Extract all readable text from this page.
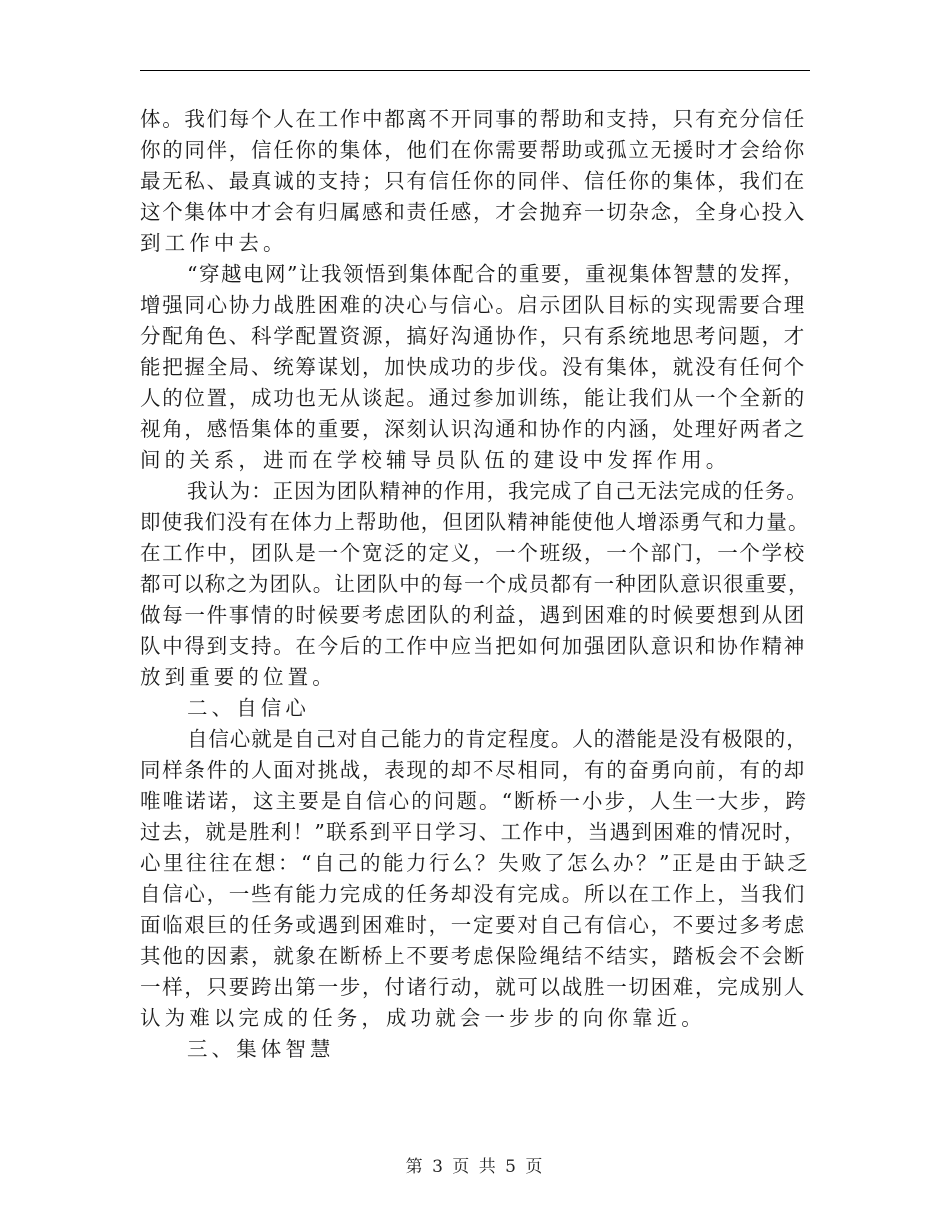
体。我们每个人在工作中都离不开同事的帮助和支持，只有充分信任
你的同伴，信任你的集体，他们在你需要帮助或孤立无援时才会给你
最无私、最真诚的支持；只有信任你的同伴、信任你的集体，我们在
这个集体中才会有归属感和责任感，才会抛弃一切杂念，全身心投入
到工作中去。
“穿越电网”让我领悟到集体配合的重要，重视集体智慧的发挥，
增强同心协力战胜困难的决心与信心。启示团队目标的实现需要合理
分配角色、科学配置资源，搞好沟通协作，只有系统地思考问题，才
能把握全局、统筹谋划，加快成功的步伐。没有集体，就没有任何个
人的位置，成功也无从谈起。通过参加训练，能让我们从一个全新的
视角，感悟集体的重要，深刻认识沟通和协作的内涵，处理好两者之
间的关系，进而在学校辅导员队伍的建设中发挥作用。
我认为：正因为团队精神的作用，我完成了自己无法完成的任务。
即使我们没有在体力上帮助他，但团队精神能使他人增添勇气和力量。
在工作中，团队是一个宽泛的定义，一个班级，一个部门，一个学校
都可以称之为团队。让团队中的每一个成员都有一种团队意识很重要，
做每一件事情的时候要考虑团队的利益，遇到困难的时候要想到从团
队中得到支持。在今后的工作中应当把如何加强团队意识和协作精神
放到重要的位置。
二、自信心
自信心就是自己对自己能力的肯定程度。人的潜能是没有极限的，
同样条件的人面对挑战，表现的却不尽相同，有的奋勇向前，有的却
唯唯诺诺，这主要是自信心的问题。“断桥一小步，人生一大步，跨
过去，就是胜利！”联系到平日学习、工作中，当遇到困难的情况时，
心里往往在想：“自己的能力行么？失败了怎么办？”正是由于缺乏
自信心，一些有能力完成的任务却没有完成。所以在工作上，当我们
面临艰巨的任务或遇到困难时，一定要对自己有信心，不要过多考虑
其他的因素，就象在断桥上不要考虑保险绳结不结实，踏板会不会断
一样，只要跨出第一步，付诸行动，就可以战胜一切困难，完成别人
认为难以完成的任务，成功就会一步步的向你靠近。
三、集体智慧
第 3 页 共 5 页
